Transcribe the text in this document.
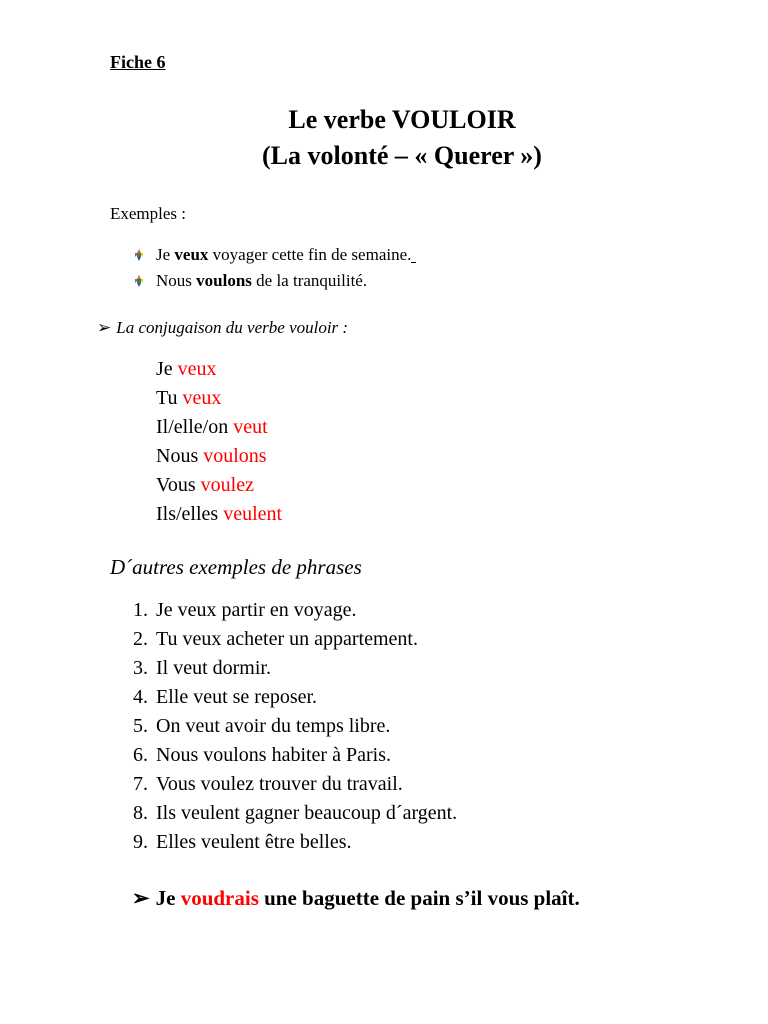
Fiche 6

Le verbe VOULOIR

(La volonté – « Querer »)

Exemples :

Je veux voyager cette fin de semaine.
Nous voulons de la tranquilité.

➢ La conjugaison du verbe vouloir :

Je veux
Tu veux
Il/elle/on veut
Nous voulons
Vous voulez
Ils/elles veulent

D´autres exemples de phrases

1. Je veux partir en voyage.
2. Tu veux acheter un appartement.
3. Il veut dormir.
4. Elle veut se reposer.
5. On veut avoir du temps libre.
6. Nous voulons habiter à Paris.
7. Vous voulez trouver du travail.
8. Ils veulent gagner beaucoup d´argent.
9. Elles veulent être belles.

➢ Je voudrais une baguette de pain s’il vous plaît.
